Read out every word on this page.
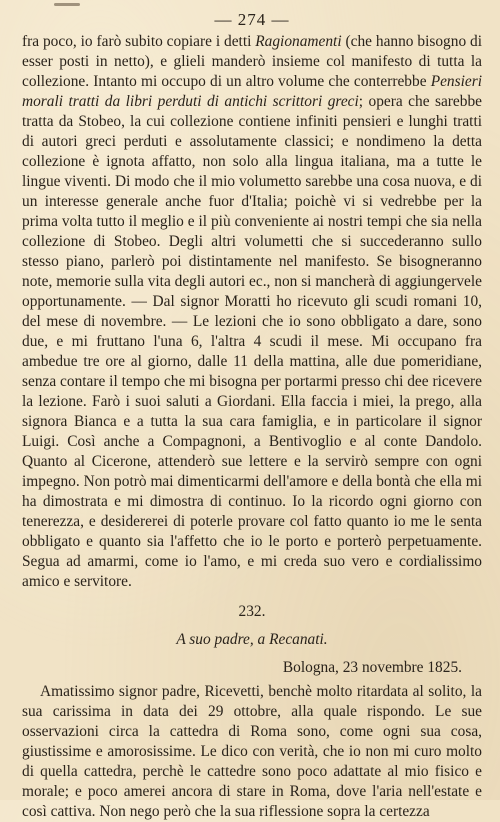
— 274 —

fra poco, io farò subito copiare i detti Ragionamenti (che hanno bisogno di esser posti in netto), e glieli manderò insieme col manifesto di tutta la collezione. Intanto mi occupo di un altro volume che conterrebbe Pensieri morali tratti da libri perduti di antichi scrittori greci; opera che sarebbe tratta da Stobeo, la cui collezione contiene infiniti pensieri e lunghi tratti di autori greci perduti e assolutamente classici; e nondimeno la detta collezione è ignota affatto, non solo alla lingua italiana, ma a tutte le lingue viventi. Di modo che il mio volumetto sarebbe una cosa nuova, e di un interesse generale anche fuor d'Italia; poichè vi si vedrebbe per la prima volta tutto il meglio e il più conveniente ai nostri tempi che sia nella collezione di Stobeo. Degli altri volumetti che si succederanno sullo stesso piano, parlerò poi distintamente nel manifesto. Se bisogneranno note, memorie sulla vita degli autori ec., non si mancherà di aggiungervele opportunamente. — Dal signor Moratti ho ricevuto gli scudi romani 10, del mese di novembre. — Le lezioni che io sono obbligato a dare, sono due, e mi fruttano l'una 6, l'altra 4 scudi il mese. Mi occupano fra ambedue tre ore al giorno, dalle 11 della mattina, alle due pomeridiane, senza contare il tempo che mi bisogna per portarmi presso chi dee ricevere la lezione. Farò i suoi saluti a Giordani. Ella faccia i miei, la prego, alla signora Bianca e a tutta la sua cara famiglia, e in particolare il signor Luigi. Così anche a Compagnoni, a Bentivoglio e al conte Dandolo. Quanto al Cicerone, attenderò sue lettere e la servirò sempre con ogni impegno. Non potrò mai dimenticarmi dell'amore e della bontà che ella mi ha dimostrata e mi dimostra di continuo. Io la ricordo ogni giorno con tenerezza, e desidererei di poterle provare col fatto quanto io me le senta obbligato e quanto sia l'affetto che io le porto e porterò perpetuamente. Segua ad amarmi, come io l'amo, e mi creda suo vero e cordialissimo amico e servitore.

232.
A suo padre, a Recanati.
Bologna, 23 novembre 1825.

Amatissimo signor padre, Ricevetti, benchè molto ritardata al solito, la sua carissima in data dei 29 ottobre, alla quale rispondo. Le sue osservazioni circa la cattedra di Roma sono, come ogni sua cosa, giustissime e amorosissime. Le dico con verità, che io non mi curo molto di quella cattedra, perchè le cattedre sono poco adattate al mio fisico e morale; e poco amerei ancora di stare in Roma, dove l'aria nell'estate e così cattiva. Non nego però che la sua riflessione sopra la certezza
